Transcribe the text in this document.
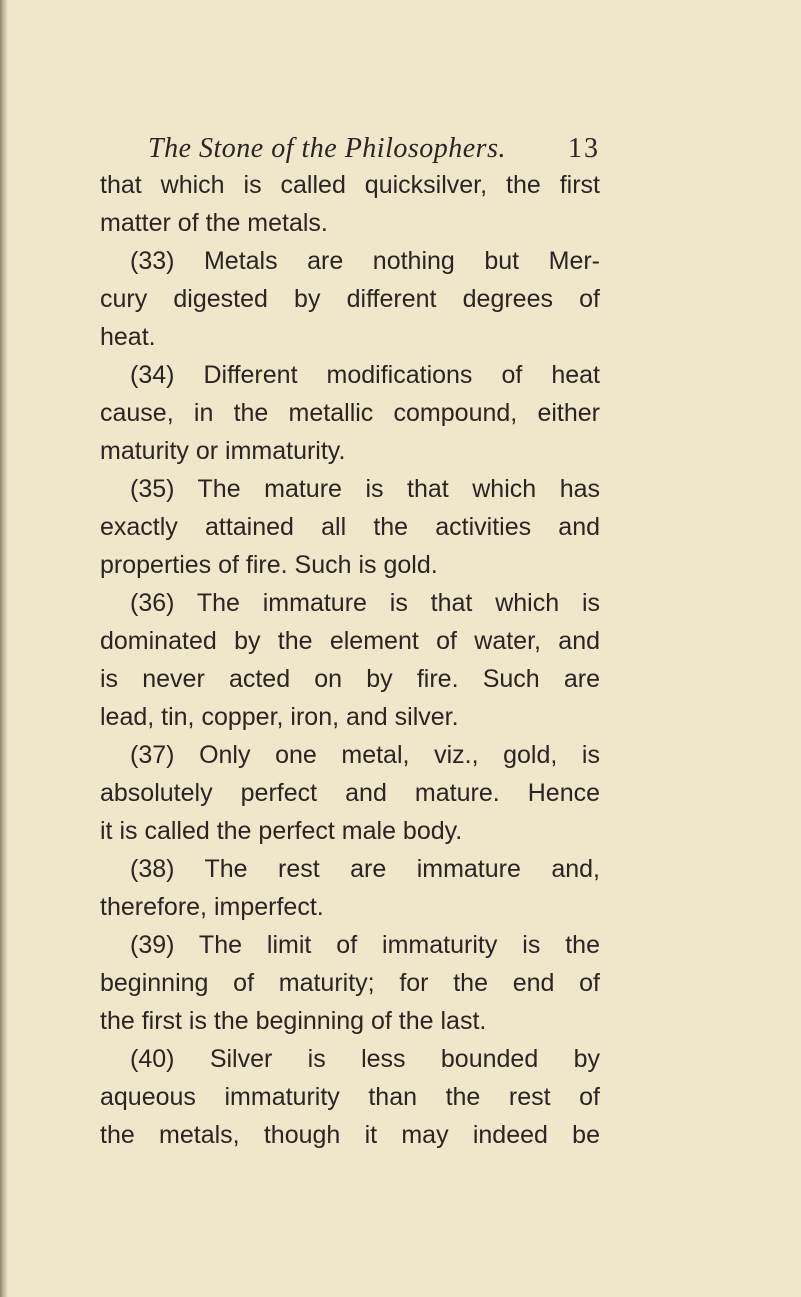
The Stone of the Philosophers. 13
that which is called quicksilver, the first
matter of the metals.
(33) Metals are nothing but Mer-
cury digested by different degrees of
heat.
(34) Different modifications of heat
cause, in the metallic compound, either
maturity or immaturity.
(35) The mature is that which has
exactly attained all the activities and
properties of fire. Such is gold.
(36) The immature is that which is
dominated by the element of water, and
is never acted on by fire. Such are
lead, tin, copper, iron, and silver.
(37) Only one metal, viz., gold, is
absolutely perfect and mature. Hence
it is called the perfect male body.
(38) The rest are immature and,
therefore, imperfect.
(39) The limit of immaturity is the
beginning of maturity; for the end of
the first is the beginning of the last.
(40) Silver is less bounded by
aqueous immaturity than the rest of
the metals, though it may indeed be
